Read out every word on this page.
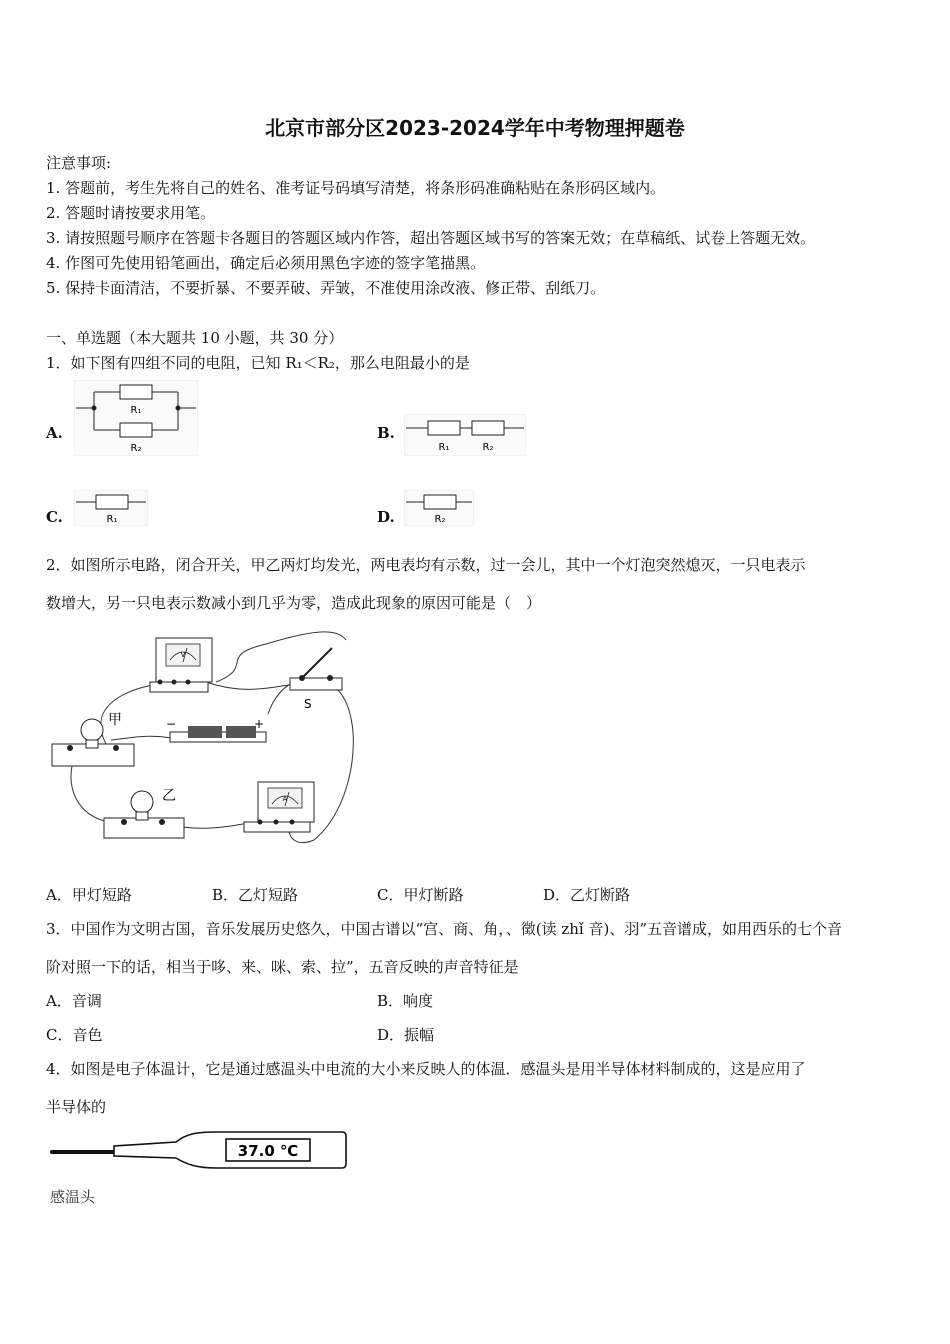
北京市部分区2023-2024学年中考物理押题卷
注意事项:
1. 答题前，考生先将自己的姓名、准考证号码填写清楚，将条形码准确粘贴在条形码区域内。
2. 答题时请按要求用笔。
3. 请按照题号顺序在答题卡各题目的答题区域内作答，超出答题区域书写的答案无效；在草稿纸、试卷上答题无效。
4. 作图可先使用铅笔画出，确定后必须用黑色字迹的签字笔描黑。
5. 保持卡面清洁，不要折暴、不要弄破、弄皱，不准使用涂改液、修正带、刮纸刀。
一、单选题（本大题共 10 小题，共 30 分）
1．如下图有四组不同的电阻，已知 R₁＜R₂，那么电阻最小的是
A.
R₁
R₂
B.
R₁	R₂
C.	R₁	D.	R₂
2．如图所示电路，闭合开关，甲乙两灯均发光，两电表均有示数，过一会儿，其中一个灯泡突然熄灭，一只电表示
数增大，另一只电表示数减小到几乎为零，造成此现象的原因可能是（　）
V
S
甲	−	+
乙	A
A．甲灯短路	B．乙灯短路	C．甲灯断路	D．乙灯断路
3．中国作为文明古国，音乐发展历史悠久，中国古谱以“宫、商、角，、徵(读 zhǐ 音)、羽”五音谱成，如用西乐的七个音
阶对照一下的话，相当于哆、来、咪、索、拉”，五音反映的声音特征是
A．音调	B．响度
C．音色	D．振幅
4．如图是电子体温计，它是通过感温头中电流的大小来反映人的体温．感温头是用半导体材料制成的，这是应用了
半导体的
37.0 ℃
感温头
